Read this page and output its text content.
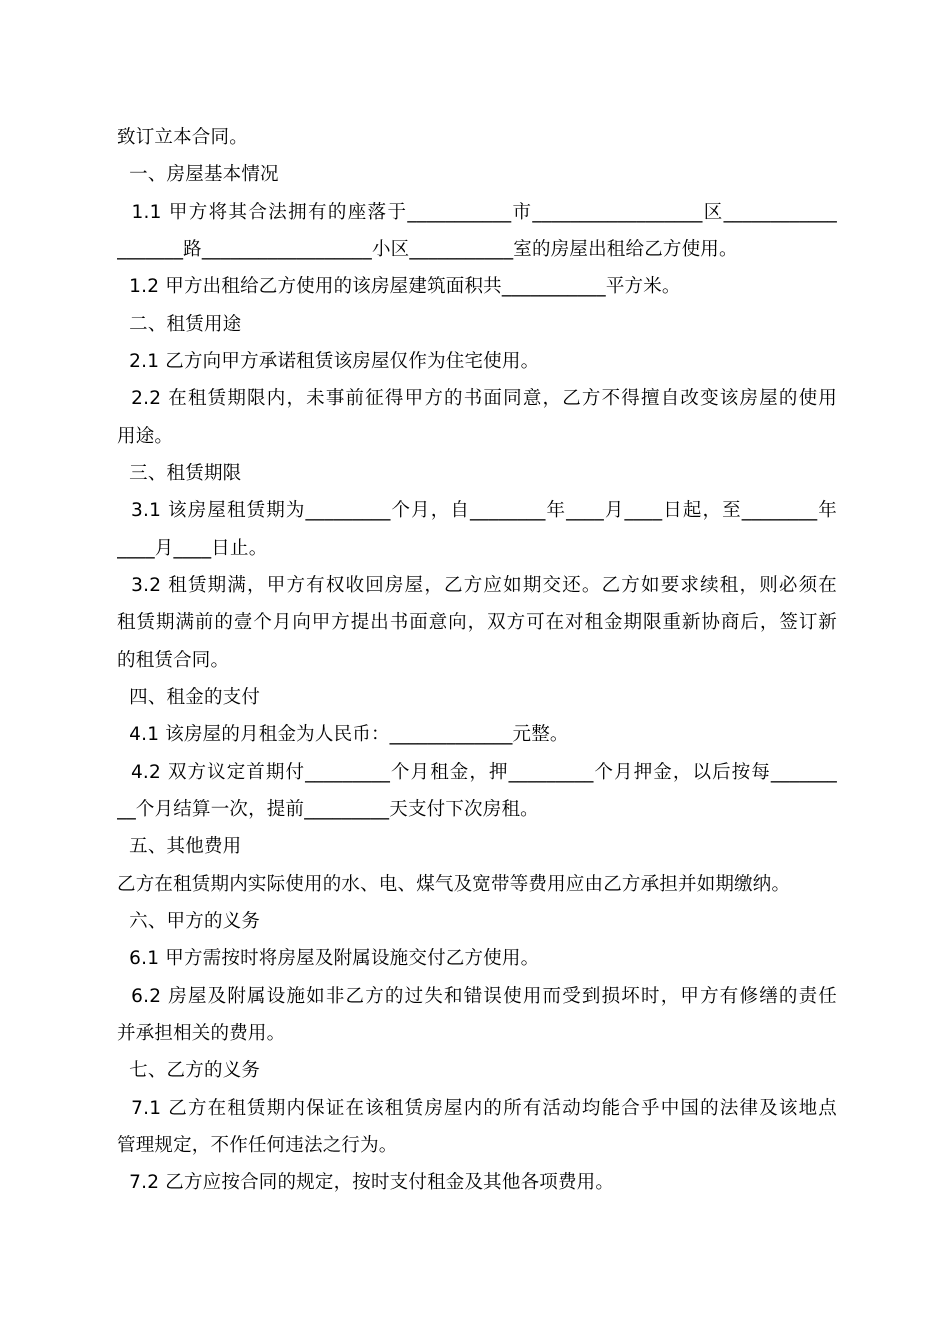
致订立本合同。
一、房屋基本情况
1.1 甲方将其合法拥有的座落于___________市__________________区____________
_______路__________________小区___________室的房屋出租给乙方使用。
1.2 甲方出租给乙方使用的该房屋建筑面积共___________平方米。
二、租赁用途
2.1 乙方向甲方承诺租赁该房屋仅作为住宅使用。
2.2 在租赁期限内，未事前征得甲方的书面同意，乙方不得擅自改变该房屋的使用
用途。
三、租赁期限
3.1 该房屋租赁期为_________个月，自________年____月____日起，至________年
____月____日止。
3.2 租赁期满，甲方有权收回房屋，乙方应如期交还。乙方如要求续租，则必须在
租赁期满前的壹个月向甲方提出书面意向，双方可在对租金期限重新协商后，签订新
的租赁合同。
四、租金的支付
4.1 该房屋的月租金为人民币：_____________元整。
4.2 双方议定首期付_________个月租金，押_________个月押金，以后按每_______
__个月结算一次，提前_________天支付下次房租。
五、其他费用
乙方在租赁期内实际使用的水、电、煤气及宽带等费用应由乙方承担并如期缴纳。
六、甲方的义务
6.1 甲方需按时将房屋及附属设施交付乙方使用。
6.2 房屋及附属设施如非乙方的过失和错误使用而受到损坏时，甲方有修缮的责任
并承担相关的费用。
七、乙方的义务
7.1 乙方在租赁期内保证在该租赁房屋内的所有活动均能合乎中国的法律及该地点
管理规定，不作任何违法之行为。
7.2 乙方应按合同的规定，按时支付租金及其他各项费用。
